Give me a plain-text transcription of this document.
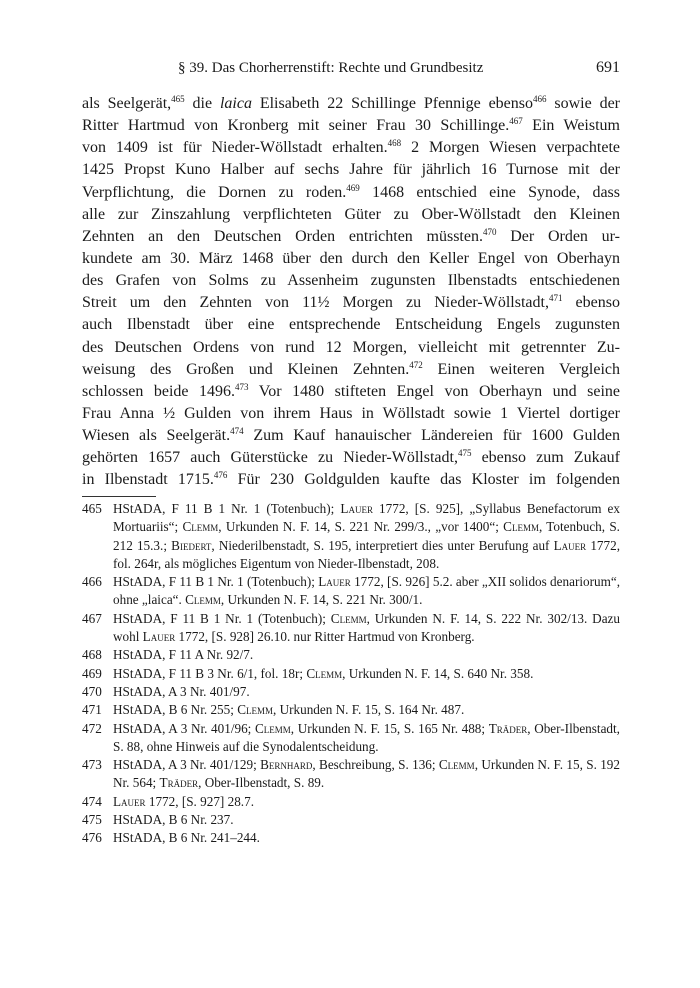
§ 39. Das Chorherrenstift: Rechte und Grundbesitz	691
als Seelgerät,$^{465}$ die laica Elisabeth 22 Schillinge Pfennige ebenso$^{466}$ sowie der
Ritter Hartmud von Kronberg mit seiner Frau 30 Schillinge.$^{467}$ Ein Weistum
von 1409 ist für Nieder-Wöllstadt erhalten.$^{468}$ 2 Morgen Wiesen verpachtete
1425 Propst Kuno Halber auf sechs Jahre für jährlich 16 Turnose mit der
Verpflichtung, die Dornen zu roden.$^{469}$ 1468 entschied eine Synode, dass
alle zur Zinszahlung verpflichteten Güter zu Ober-Wöllstadt den Kleinen
Zehnten an den Deutschen Orden entrichten müssten.$^{470}$ Der Orden ur-
kundete am 30. März 1468 über den durch den Keller Engel von Oberhayn
des Grafen von Solms zu Assenheim zugunsten Ilbenstadts entschiedenen
Streit um den Zehnten von 11½ Morgen zu Nieder-Wöllstadt,$^{471}$ ebenso
auch Ilbenstadt über eine entsprechende Entscheidung Engels zugunsten
des Deutschen Ordens von rund 12 Morgen, vielleicht mit getrennter Zu-
weisung des Großen und Kleinen Zehnten.$^{472}$ Einen weiteren Vergleich
schlossen beide 1496.$^{473}$ Vor 1480 stifteten Engel von Oberhayn und seine
Frau Anna ½ Gulden von ihrem Haus in Wöllstadt sowie 1 Viertel dortiger
Wiesen als Seelgerät.$^{474}$ Zum Kauf hanauischer Ländereien für 1600 Gulden
gehörten 1657 auch Güterstücke zu Nieder-Wöllstadt,$^{475}$ ebenso zum Zukauf
in Ilbenstadt 1715.$^{476}$ Für 230 Goldgulden kaufte das Kloster im folgenden
465 HStADA, F 11 B 1 Nr. 1 (Totenbuch); Lauer 1772, [S. 925], „Syllabus Benefactorum ex Mortuariis“; Clemm, Urkunden N. F. 14, S. 221 Nr. 299/3., „vor 1400“; Clemm, Totenbuch, S. 212 15.3.; Biedert, Niederilbenstadt, S. 195, interpretiert dies unter Berufung auf Lauer 1772, fol. 264r, als mögliches Eigentum von Nieder-Ilbenstadt, 208.
466 HStADA, F 11 B 1 Nr. 1 (Totenbuch); Lauer 1772, [S. 926] 5.2. aber „XII solidos denariorum“, ohne „laica“. Clemm, Urkunden N. F. 14, S. 221 Nr. 300/1.
467 HStADA, F 11 B 1 Nr. 1 (Totenbuch); Clemm, Urkunden N. F. 14, S. 222 Nr. 302/13. Dazu wohl Lauer 1772, [S. 928] 26.10. nur Ritter Hartmud von Kronberg.
468 HStADA, F 11 A Nr. 92/7.
469 HStADA, F 11 B 3 Nr. 6/1, fol. 18r; Clemm, Urkunden N. F. 14, S. 640 Nr. 358.
470 HStADA, A 3 Nr. 401/97.
471 HStADA, B 6 Nr. 255; Clemm, Urkunden N. F. 15, S. 164 Nr. 487.
472 HStADA, A 3 Nr. 401/96; Clemm, Urkunden N. F. 15, S. 165 Nr. 488; Träder, Ober-Ilbenstadt, S. 88, ohne Hinweis auf die Synodalentscheidung.
473 HStADA, A 3 Nr. 401/129; Bernhard, Beschreibung, S. 136; Clemm, Urkunden N. F. 15, S. 192 Nr. 564; Träder, Ober-Ilbenstadt, S. 89.
474 Lauer 1772, [S. 927] 28.7.
475 HStADA, B 6 Nr. 237.
476 HStADA, B 6 Nr. 241–244.
